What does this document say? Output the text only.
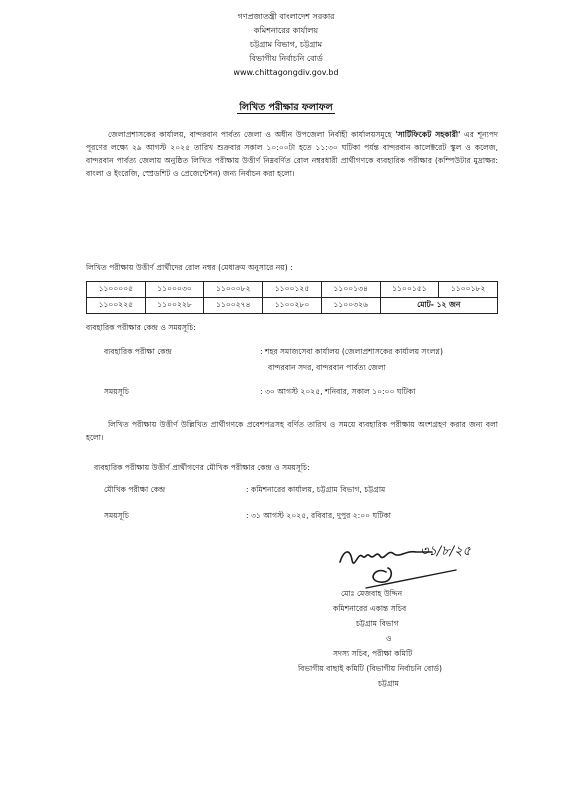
গণপ্রজাতন্ত্রী বাংলাদেশ সরকার
কমিশনারের কার্যালয়
চট্টগ্রাম বিভাগ, চট্টগ্রাম
বিভাগীয় নির্বাচনি বোর্ড
www.chittagongdiv.gov.bd
লিখিত পরীক্ষার ফলাফল
জেলাপ্রশাসকের কার্যালয়, বান্দরবান পার্বত্য জেলা ও অধীন উপজেলা নির্বাহী কার্যালয়সমূহে 'সার্টিফিকেট সহকারী' এর শূন্যপদ পূরণের লক্ষ্যে ২৯ আগস্ট ২০২৫ তারিখ শুক্রবার সকাল ১০:০০টা হতে ১১:৩০ ঘটিকা পর্যন্ত বান্দরবান কালেক্টরেট স্কুল ও কলেজ, বান্দরবান পার্বত্য জেলায় অনুষ্ঠিত লিখিত পরীক্ষায় উত্তীর্ণ নিম্নবর্ণিত রোল নম্বরধারী প্রার্থীগণকে ব্যবহারিক পরীক্ষার (কম্পিউটার মুদ্রাক্ষর: বাংলা ও ইংরেজি, স্প্রেডশিট ও প্রেজেন্টেশন) জন্য নির্বাচন করা হলো।
লিখিত পরীক্ষায় উত্তীর্ণ প্রার্থীদের রোল নম্বর (মেধাক্রম অনুসারে নয়) :
১১০০০০৫	১১০০০৩০	১১০০০৮২	১১০০১২৫	১১০০১৩৪	১১০০১৫১	১১০০১৮২
১১০০২২৫	১১০০২২৮	১১০০২৭৪	১১০০২৮০	১১০০৩২৬	মোট- ১২ জন	
ব্যবহারিক পরীক্ষার কেন্দ্র ও সময়সূচি:
ব্যবহারিক পরীক্ষা কেন্দ্র	: শহর সমাজসেবা কার্যালয় (জেলাপ্রশাসকের কার্যালয় সংলগ্ন)
বান্দরবান সদর, বান্দরবান পার্বত্য জেলা
সময়সূচি	: ৩০ আগস্ট ২০২৫, শনিবার, সকাল ১০:০০ ঘটিকা
লিখিত পরীক্ষায় উত্তীর্ণ উল্লিখিত প্রার্থীগণকে প্রবেশপত্রসহ বর্ণিত তারিখ ও সময়ে ব্যবহারিক পরীক্ষায় অংশগ্রহণ করার জন্য বলা হলো।
ব্যবহারিক পরীক্ষায় উত্তীর্ণ প্রার্থীগণের মৌখিক পরীক্ষার কেন্দ্র ও সময়সূচি:
মৌখিক পরীক্ষা কেন্দ্র	: কমিশনারের কার্যালয়, চট্টগ্রাম বিভাগ, চট্টগ্রাম
সময়সূচি	: ৩১ আগস্ট ২০২৫, রবিবার, দুপুর ২:০০ ঘটিকা
৩১/৮/২৫
মোঃ মেজবাহ উদ্দিন
কমিশনারের একান্ত সচিব
চট্টগ্রাম বিভাগ
ও
সদস্য সচিব, পরীক্ষা কমিটি
বিভাগীয় বাছাই কমিটি (বিভাগীয় নির্বাচনি বোর্ড)
চট্টগ্রাম
